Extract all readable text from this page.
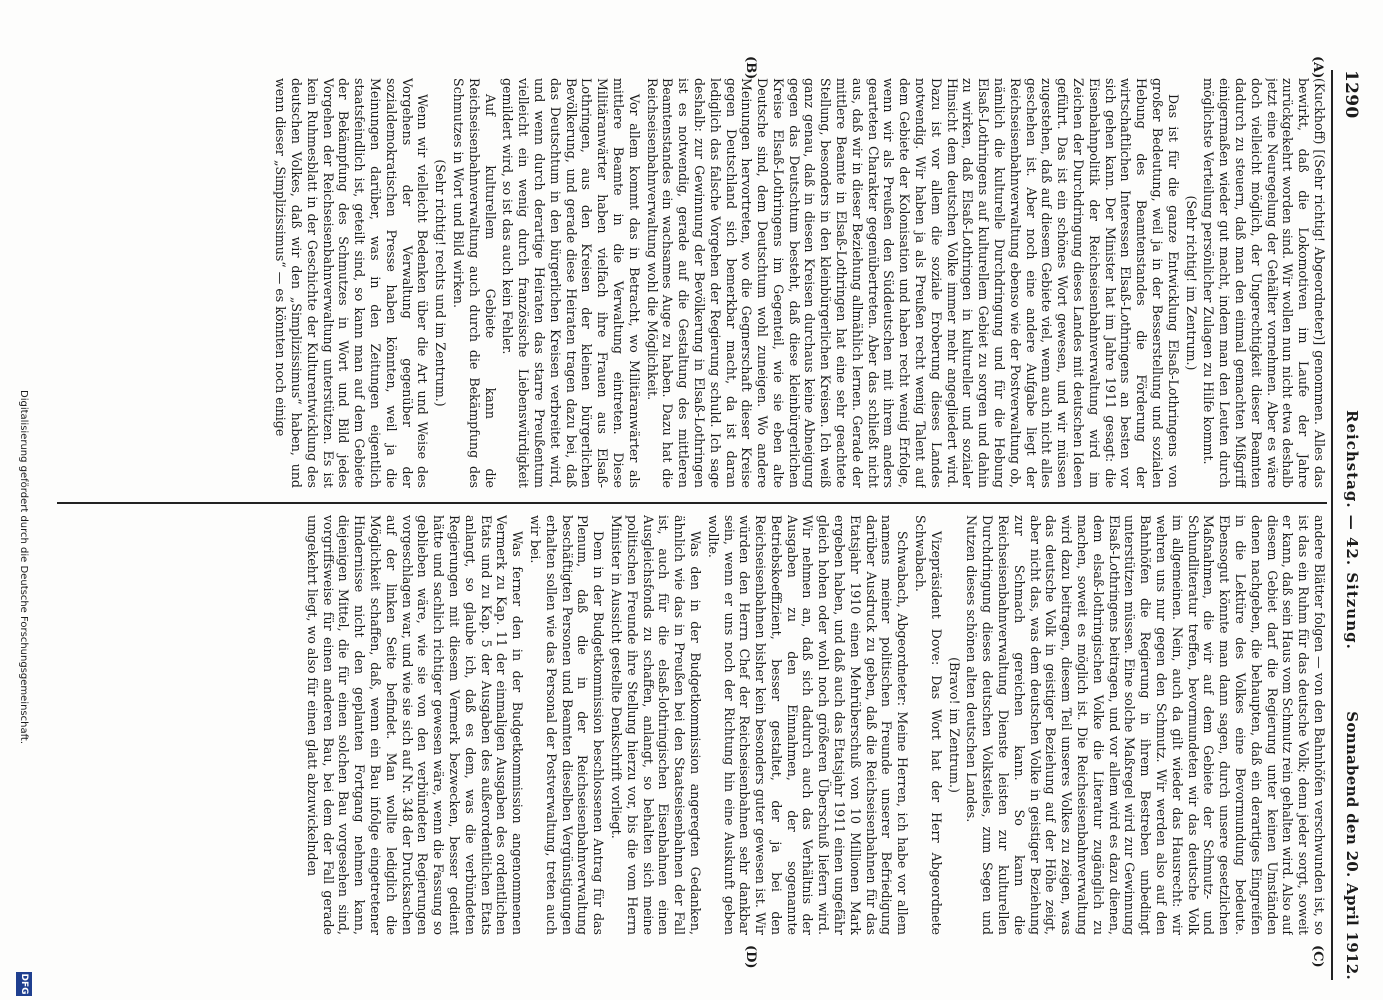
1290
Reichstag. — 42. Sitzung.
Sonnabend den 20. April 1912.
(A)
(B)
(C)
(D)

(Kuckhoff) [(Sehr richtig! Abgeordneter)] genommen. Alles das bewirkt, daß die Lokomotiven im Laufe der Jahre zurückgekehrt worden sind. Wir wollen nun nicht etwa deshalb jetzt eine Neuregelung der Gehälter vornehmen. Aber es wäre doch vielleicht möglich, der Ungerechtigkeit dieser Beamten dadurch zu steuern, daß man den einmal gemachten Mißgriff einigermaßen wieder gut macht, indem man den Leuten durch möglichste Verteilung persönlicher Zulagen zu Hilfe kommt.

(Sehr richtig! im Zentrum.)

Das ist für die ganze Entwicklung Elsaß-Lothringens von großer Bedeutung, weil ja in der Besserstellung und sozialen Hebung des Beamtenstandes die Förderung der wirtschaftlichen Interessen Elsaß-Lothringens an besten vor sich gehen kann. Der Minister hat im Jahre 1911 gesagt: die Eisenbahnpolitik der Reichseisenbahnverwaltung wird im Zeichen der Durchdringung dieses Landes mit deutschen Ideen geführt. Das ist ein schönes Wort gewesen, und wir müssen zugestehen, daß auf diesem Gebiete viel, wenn auch nicht alles geschehen ist. Aber noch eine andere Aufgabe liegt der Reichseisenbahnverwaltung ebenso wie der Postverwaltung ob, nämlich die kulturelle Durchdringung und für die Hebung Elsaß-Lothringens auf kulturellem Gebiet zu sorgen und dahin zu wirken, daß Elsaß-Lothringen in kultureller und sozialer Hinsicht dem deutschen Volke immer mehr angegliedert wird. Dazu ist vor allem die soziale Eroberung dieses Landes notwendig. Wir haben ja als Preußen recht wenig Talent auf dem Gebiete der Kolonisation und haben recht wenig Erfolge, wenn wir als Preußen den Süddeutschen mit ihrem anders gearteten Charakter gegenübertreten. Aber das schließt nicht aus, daß wir in dieser Beziehung allmählich lernen. Gerade der mittlere Beamte in Elsaß-Lothringen hat eine sehr geachtete Stellung, besonders in den kleinbürgerlichen Kreisen. Ich weiß ganz genau, daß in diesen Kreisen durchaus keine Abneigung gegen das Deutschtum besteht, daß diese kleinbürgerlichen Kreise Elsaß-Lothringens im Gegenteil, wie sie eben alte Deutsche sind, dem Deutschtum wohl zuneigen. Wo andere Meinungen hervortreten, wo die Gegnerschaft dieser Kreise gegen Deutschland sich bemerkbar macht, da ist daran lediglich das falsche Vorgehen der Regierung schuld. Ich sage deshalb: zur Gewinnung der Bevölkerung in Elsaß-Lothringen ist es notwendig, gerade auf die Gestaltung des mittleren Beamtenstandes ein wachsames Auge zu haben. Dazu hat die Reichseisenbahnverwaltung wohl die Möglichkeit.

Vor allem kommt das in Betracht, wo Militäranwärter als mittlere Beamte in die Verwaltung eintreten. Diese Militäranwärter haben vielfach ihre Frauen aus Elsaß-Lothringen, aus den Kreisen der kleinen bürgerlichen Bevölkerung, und gerade diese Heiraten tragen dazu bei, daß das Deutschtum in den bürgerlichen Kreisen verbreitet wird, und wenn durch derartige Heiraten das starre Preußentum vielleicht ein wenig durch französische Liebenswürdigkeit gemildert wird, so ist das auch kein Fehler.

Auf kulturellem Gebiete kann die Reichseisenbahnverwaltung auch durch die Bekämpfung des Schmutzes in Wort und Bild wirken.

(Sehr richtig! rechts und im Zentrum.)

Wenn wir vielleicht Bedenken über die Art und Weise des Vorgehens der Verwaltung gegenüber der sozialdemokratischen Presse haben könnten, weil ja die Meinungen darüber, was in den Zeitungen eigentlich staatsfeindlich ist, geteilt sind, so kann man auf dem Gebiete der Bekämpfung des Schmutzes in Wort und Bild jedes Vorgehen der Reichseisenbahnverwaltung unterstützen. Es ist kein Ruhmesblatt in der Geschichte der Kulturentwicklung des deutschen Volkes, daß wir den „Simplizissimus“ haben, und wenn dieser „Simplizissimus“ — es könnten noch einige

andere Blätter folgen — von den Bahnhöfen verschwunden ist, so ist das ein Ruhm für das deutsche Volk; denn jeder sorgt, soweit er kann, daß sein Haus vom Schmutz rein gehalten wird. Also auf diesem Gebiet darf die Regierung unter keinen Umständen denen nachgeben, die behaupten, daß ein derartiges Eingreifen in die Lektüre des Volkes eine Bevormundung bedeute. Ebensogut könnte man dann sagen, durch unsere gesetzlichen Maßnahmen, die wir auf dem Gebiete der Schmutz- und Schundliteratur treffen, bevormundeten wir das deutsche Volk im allgemeinen. Nein, auch da gilt wieder das Hausrecht: wir wehren uns nur gegen den Schmutz. Wir werden also auf den Bahnhöfen die Regierung in ihrem Bestreben unbedingt unterstützen müssen. Eine solche Maßregel wird zur Gewinnung Elsaß-Lothringens beitragen, und vor allem wird es dazu dienen, dem elsaß-lothringischen Volke die Literatur zugänglich zu machen, soweit es möglich ist. Die Reichseisenbahnverwaltung wird dazu beitragen, diesem Teil unseres Volkes zu zeigen, was das deutsche Volk in geistiger Beziehung auf der Höhe zeigt, aber nicht das, was dem deutschen Volke in geistiger Beziehung zur Schmach gereichen kann. So kann die Reichseisenbahnverwaltung Dienste leisten zur kulturellen Durchdringung dieses deutschen Volksteiles, zum Segen und Nutzen dieses schönen alten deutschen Landes.

(Bravo! im Zentrum.)

Vizepräsident Dove: Das Wort hat der Herr Abgeordnete Schwabach.

Schwabach, Abgeordneter: Meine Herren, ich habe vor allem namens meiner politischen Freunde unserer Befriedigung darüber Ausdruck zu geben, daß die Reichseisenbahnen für das Etatsjahr 1910 einen Mehrüberschuß von 10 Millionen Mark ergeben haben, und daß auch das Etatsjahr 1911 einen ungefähr gleich hohen oder wohl noch größeren Überschuß liefern wird. Wir nehmen an, daß sich dadurch auch das Verhältnis der Ausgaben zu den Einnahmen, der sogenannte Betriebskoeffizient, besser gestaltet, der ja bei den Reichseisenbahnen bisher kein besonders guter gewesen ist. Wir würden den Herrn Chef der Reichseisenbahnen sehr dankbar sein, wenn er uns noch der Richtung hin eine Auskunft geben wollte.

Was den in der Budgetkommission angeregten Gedanken, ähnlich wie das in Preußen bei den Staatseisenbahnen der Fall ist, auch für die elsaß-lothringischen Eisenbahnen einen Ausgleichsfonds zu schaffen, anlangt, so behalten sich meine politischen Freunde ihre Stellung hierzu vor, bis die vom Herrn Minister in Aussicht gestellte Denkschrift vorliegt.

Dem in der Budgetkommission beschlossenen Antrag für das Plenum, daß die in der Reichseisenbahnverwaltung beschäftigten Personen und Beamten dieselben Vergünstigungen erhalten sollen wie das Personal der Postverwaltung, treten auch wir bei.

Was ferner den in der Budgetkommission angenommenen Vermerk zu Kap. 11 der einmaligen Ausgaben des ordentlichen Etats und zu Kap. 5 der Ausgaben des außerordentlichen Etats anlangt, so glaube ich, daß es dem, was die verbündeten Regierungen mit diesem Vermerk bezwecken, besser gedient hätte und sachlich richtiger gewesen wäre, wenn die Fassung so geblieben wäre, wie sie von den verbündeten Regierungen vorgeschlagen war, und wie sie sich auf Nr. 348 der Drucksachen auf der linken Seite befindet. Man wollte lediglich die Möglichkeit schaffen, daß, wenn ein Bau infolge eingetretener Hindernisse nicht den geplanten Fortgang nehmen kann, diejenigen Mittel, die für einen solchen Bau vorgesehen sind, vorgriffsweise für einen anderen Bau, bei dem der Fall gerade umgekehrt liegt, wo also für einen glatt abzuwickelnden

Digitalisierung gefördert durch die Deutsche Forschungsgemeinschaft.
DFG
